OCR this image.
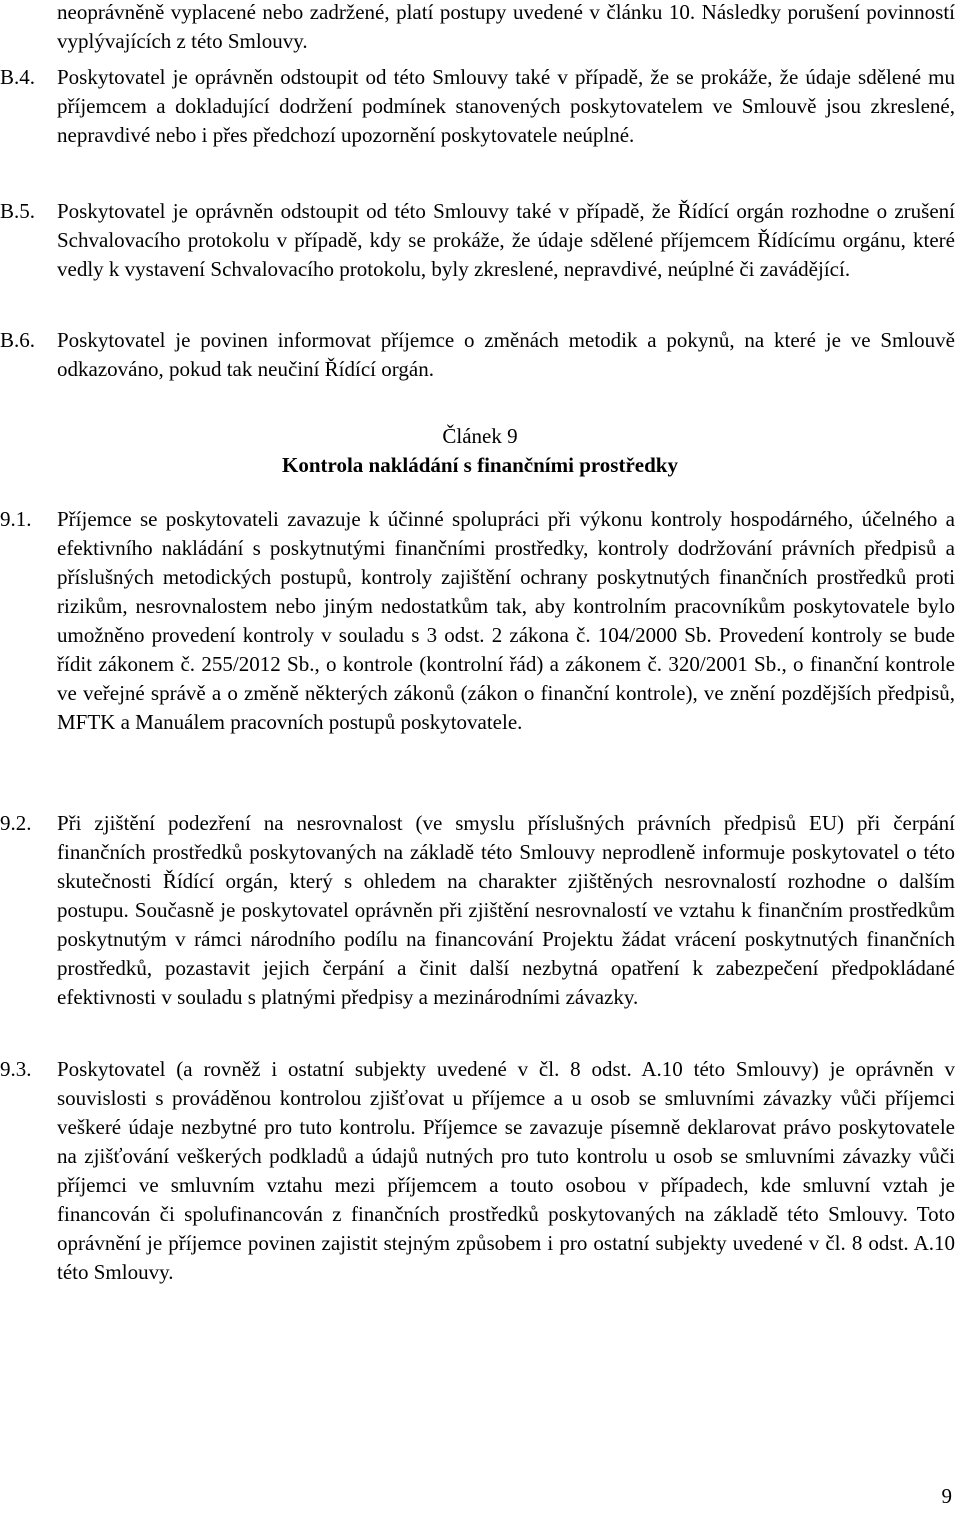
neoprávněně vyplacené nebo zadržené, platí postupy uvedené v článku 10. Následky porušení povinností vyplývajících z této Smlouvy.
B.4. Poskytovatel je oprávněn odstoupit od této Smlouvy také v případě, že se prokáže, že údaje sdělené mu příjemcem a dokladující dodržení podmínek stanovených poskytovatelem ve Smlouvě jsou zkreslené, nepravdivé nebo i přes předchozí upozornění poskytovatele neúplné.
B.5. Poskytovatel je oprávněn odstoupit od této Smlouvy také v případě, že Řídící orgán rozhodne o zrušení Schvalovacího protokolu v případě, kdy se prokáže, že údaje sdělené příjemcem Řídícímu orgánu, které vedly k vystavení Schvalovacího protokolu, byly zkreslené, nepravdivé, neúplné či zavádějící.
B.6. Poskytovatel je povinen informovat příjemce o změnách metodik a pokynů, na které je ve Smlouvě odkazováno, pokud tak neučiní Řídící orgán.
Článek 9
Kontrola nakládání s finančními prostředky
9.1. Příjemce se poskytovateli zavazuje k účinné spolupráci při výkonu kontroly hospodárného, účelného a efektivního nakládání s poskytnutými finančními prostředky, kontroly dodržování právních předpisů a příslušných metodických postupů, kontroly zajištění ochrany poskytnutých finančních prostředků proti rizikům, nesrovnalostem nebo jiným nedostatkům tak, aby kontrolním pracovníkům poskytovatele bylo umožněno provedení kontroly v souladu s 3 odst. 2 zákona č. 104/2000 Sb. Provedení kontroly se bude řídit zákonem č. 255/2012 Sb., o kontrole (kontrolní řád) a zákonem č. 320/2001 Sb., o finanční kontrole ve veřejné správě a o změně některých zákonů (zákon o finanční kontrole), ve znění pozdějších předpisů, MFTK a Manuálem pracovních postupů poskytovatele.
9.2. Při zjištění podezření na nesrovnalost (ve smyslu příslušných právních předpisů EU) při čerpání finančních prostředků poskytovaných na základě této Smlouvy neprodleně informuje poskytovatel o této skutečnosti Řídící orgán, který s ohledem na charakter zjištěných nesrovnalostí rozhodne o dalším postupu. Současně je poskytovatel oprávněn při zjištění nesrovnalostí ve vztahu k finančním prostředkům poskytnutým v rámci národního podílu na financování Projektu žádat vrácení poskytnutých finančních prostředků, pozastavit jejich čerpání a činit další nezbytná opatření k zabezpečení předpokládané efektivnosti v souladu s platnými předpisy a mezinárodními závazky.
9.3. Poskytovatel (a rovněž i ostatní subjekty uvedené v čl. 8 odst. A.10 této Smlouvy) je oprávněn v souvislosti s prováděnou kontrolou zjišťovat u příjemce a u osob se smluvními závazky vůči příjemci veškeré údaje nezbytné pro tuto kontrolu. Příjemce se zavazuje písemně deklarovat právo poskytovatele na zjišťování veškerých podkladů a údajů nutných pro tuto kontrolu u osob se smluvními závazky vůči příjemci ve smluvním vztahu mezi příjemcem a touto osobou v případech, kde smluvní vztah je financován či spolufinancován z finančních prostředků poskytovaných na základě této Smlouvy. Toto oprávnění je příjemce povinen zajistit stejným způsobem i pro ostatní subjekty uvedené v čl. 8 odst. A.10 této Smlouvy.
9
